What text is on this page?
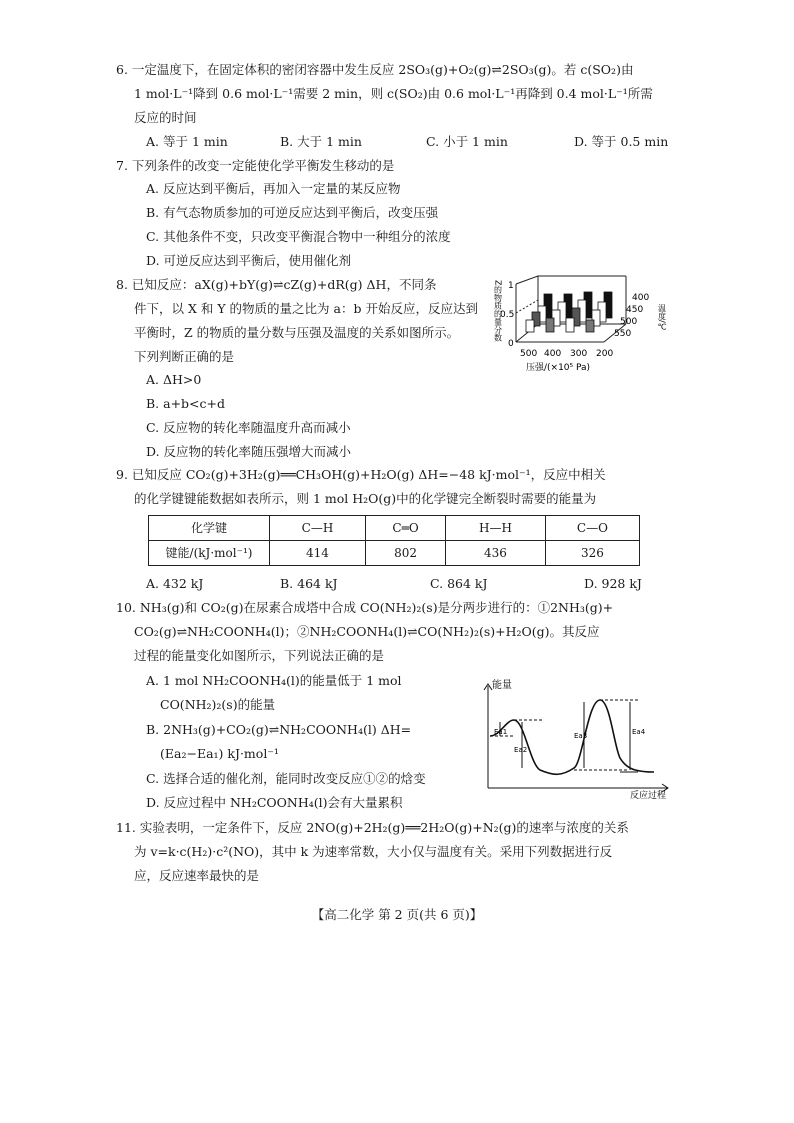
6. 一定温度下，在固定体积的密闭容器中发生反应 2SO₃(g)+O₂(g)⇌2SO₃(g)。若 c(SO₂)由
1 mol·L⁻¹降到 0.6 mol·L⁻¹需要 2 min，则 c(SO₂)由 0.6 mol·L⁻¹再降到 0.4 mol·L⁻¹所需
反应的时间
A. 等于 1 min	B. 大于 1 min	C. 小于 1 min	D. 等于 0.5 min
7. 下列条件的改变一定能使化学平衡发生移动的是
A. 反应达到平衡后，再加入一定量的某反应物
B. 有气态物质参加的可逆反应达到平衡后，改变压强
C. 其他条件不变，只改变平衡混合物中一种组分的浓度
D. 可逆反应达到平衡后，使用催化剂
8. 已知反应：aX(g)+bY(g)⇌cZ(g)+dR(g) ΔH，不同条
件下，以 X 和 Y 的物质的量之比为 a：b 开始反应，反应达到
平衡时，Z 的物质的量分数与压强及温度的关系如图所示。
下列判断正确的是
A. ΔH>0
B. a+b<c+d
C. 反应物的转化率随温度升高而减小
D. 反应物的转化率随压强增大而减小
Z的物质的量分数 1
0.5
0
500 400 300 200
压强/(×10⁵ Pa)
400
450
500
550
温度/℃
9. 已知反应 CO₂(g)+3H₂(g)══CH₃OH(g)+H₂O(g) ΔH=−48 kJ·mol⁻¹，反应中相关
的化学键键能数据如表所示，则 1 mol H₂O(g)中的化学键完全断裂时需要的能量为
化学键	C—H	C═O	H—H	C—O
键能/(kJ·mol⁻¹)	414	802	436	326
A. 432 kJ	B. 464 kJ	C. 864 kJ	D. 928 kJ
10. NH₃(g)和 CO₂(g)在尿素合成塔中合成 CO(NH₂)₂(s)是分两步进行的：①2NH₃(g)+
CO₂(g)⇌NH₂COONH₄(l)；②NH₂COONH₄(l)⇌CO(NH₂)₂(s)+H₂O(g)。其反应
过程的能量变化如图所示，下列说法正确的是
A. 1 mol NH₂COONH₄(l)的能量低于 1 mol
CO(NH₂)₂(s)的能量
B. 2NH₃(g)+CO₂(g)⇌NH₂COONH₄(l) ΔH=
(Ea₂−Ea₁) kJ·mol⁻¹
C. 选择合适的催化剂，能同时改变反应①②的焓变
D. 反应过程中 NH₂COONH₄(l)会有大量累积
能量
反应过程
Ea1
Ea2
Ea3	Ea4
11. 实验表明，一定条件下，反应 2NO(g)+2H₂(g)══2H₂O(g)+N₂(g)的速率与浓度的关系
为 v=k·c(H₂)·c²(NO)，其中 k 为速率常数，大小仅与温度有关。采用下列数据进行反
应，反应速率最快的是
【高二化学 第 2 页(共 6 页)】
